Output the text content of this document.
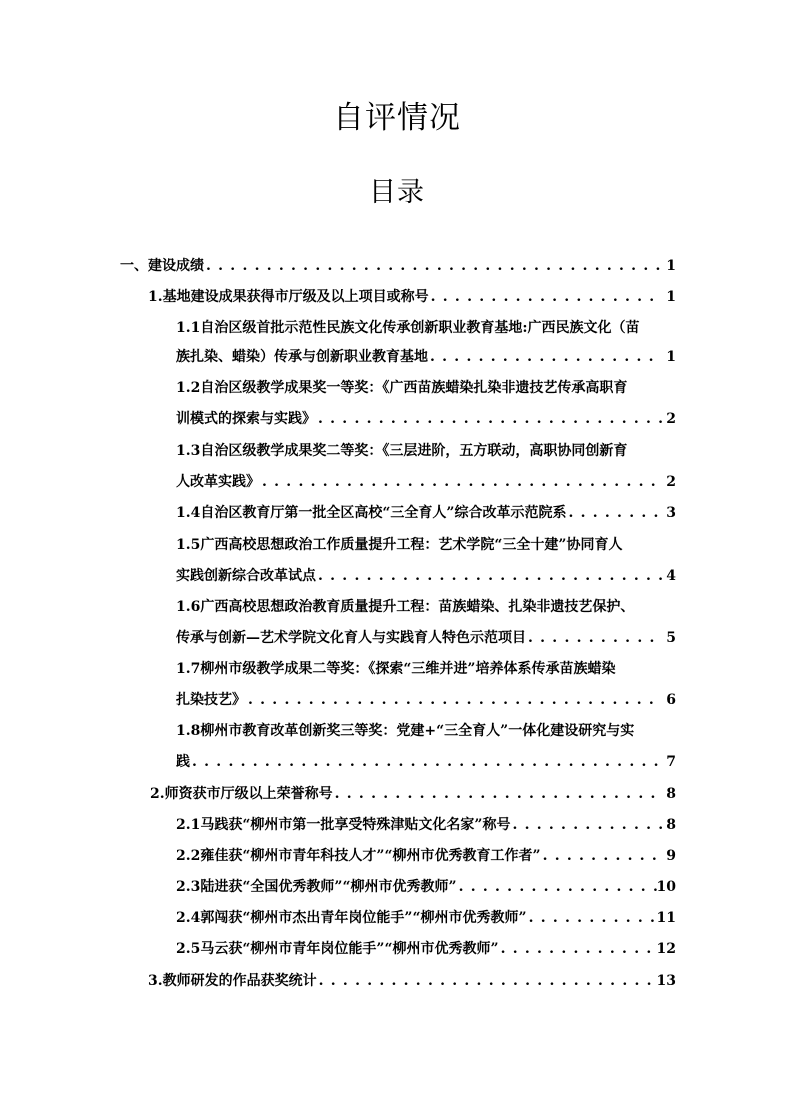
自评情况
目录
一、建设成绩 . . .	1
1.基地建设成果获得市厅级及以上项目或称号 . . .	1
1.1自治区级首批示范性民族文化传承创新职业教育基地:广西民族文化（苗
族扎染、蜡染）传承与创新职业教育基地 . . .	1
1.2自治区级教学成果奖一等奖：《广西苗族蜡染扎染非遗技艺传承高职育
训模式的探索与实践》 . . .	2
1.3自治区级教学成果奖二等奖：《三层进阶，五方联动，高职协同创新育
人改革实践》 . . .	2
1.4自治区教育厅第一批全区高校“三全育人”综合改革示范院系 . . .	3
1.5广西高校思想政治工作质量提升工程：艺术学院“三全十建”协同育人
实践创新综合改革试点 . . .	4
1.6广西高校思想政治教育质量提升工程：苗族蜡染、扎染非遗技艺保护、
传承与创新—艺术学院文化育人与实践育人特色示范项目 . . .	5
1.7柳州市级教学成果二等奖：《探索“三维并进”培养体系传承苗族蜡染
扎染技艺》 . . .	6
1.8柳州市教育改革创新奖三等奖：党建+“三全育人”一体化建设研究与实
践 . . .	7
2.师资获市厅级以上荣誉称号 . . .	8
2.1马践获“柳州市第一批享受特殊津贴文化名家”称号 . . .	8
2.2雍佳获“柳州市青年科技人才”“柳州市优秀教育工作者” . . .	9
2.3陆进获“全国优秀教师”“柳州市优秀教师” . . .	10
2.4郭闯获“柳州市杰出青年岗位能手”“柳州市优秀教师” . . .	11
2.5马云获“柳州市青年岗位能手”“柳州市优秀教师” . . .	12
3.教师研发的作品获奖统计 . . .	13
